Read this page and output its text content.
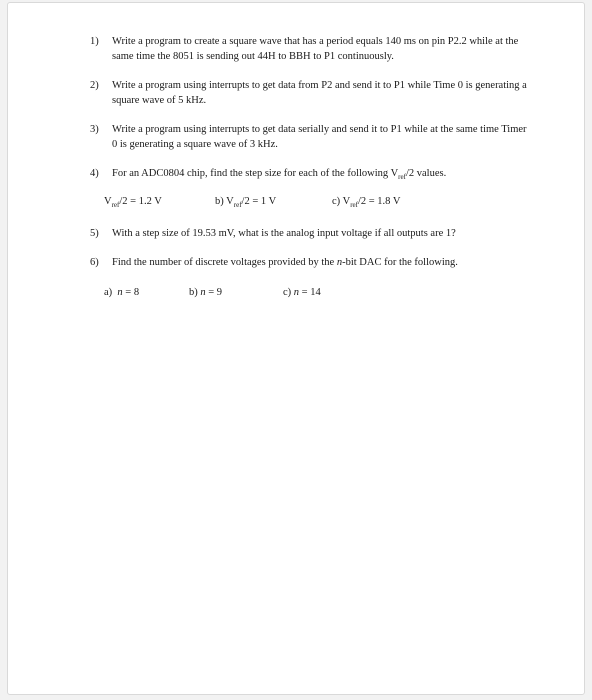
1) Write a program to create a square wave that has a period equals 140 ms on pin P2.2 while at the same time the 8051 is sending out 44H to BBH to P1 continuously.
2) Write a program using interrupts to get data from P2 and send it to P1 while Time 0 is generating a square wave of 5 kHz.
3) Write a program using interrupts to get data serially and send it to P1 while at the same time Timer 0 is generating a square wave of 3 kHz.
4) For an ADC0804 chip, find the step size for each of the following $V_{ref}/2$ values.
$V_{ref}/2 = 1.2$ V	b) $V_{ref}/2 = 1$ V	c) $V_{ref}/2 = 1.8$ V
5) With a step size of 19.53 mV, what is the analog input voltage if all outputs are 1?
6) Find the number of discrete voltages provided by the n-bit DAC for the following.
a)  n = 8	b) n = 9	c) n = 14
